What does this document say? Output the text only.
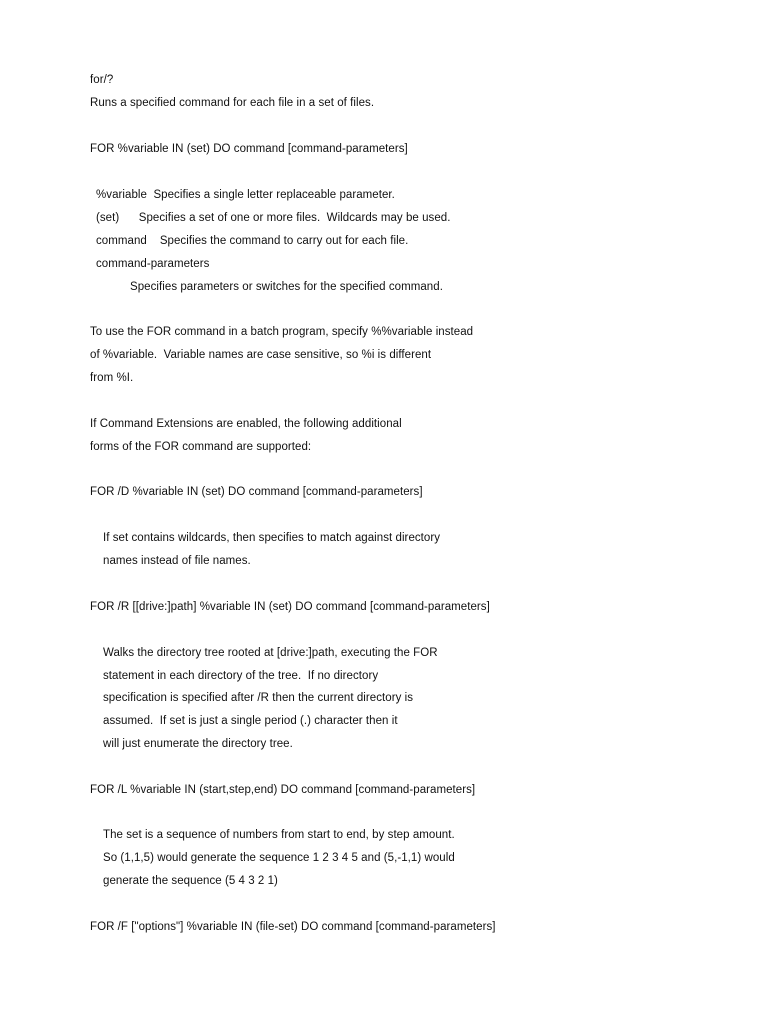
for/?
Runs a specified command for each file in a set of files.
FOR %variable IN (set) DO command [command-parameters]
%variable  Specifies a single letter replaceable parameter.
(set)      Specifies a set of one or more files.  Wildcards may be used.
command    Specifies the command to carry out for each file.
command-parameters
Specifies parameters or switches for the specified command.
To use the FOR command in a batch program, specify %%variable instead
of %variable.  Variable names are case sensitive, so %i is different
from %I.
If Command Extensions are enabled, the following additional
forms of the FOR command are supported:
FOR /D %variable IN (set) DO command [command-parameters]
If set contains wildcards, then specifies to match against directory
names instead of file names.
FOR /R [[drive:]path] %variable IN (set) DO command [command-parameters]
Walks the directory tree rooted at [drive:]path, executing the FOR
statement in each directory of the tree.  If no directory
specification is specified after /R then the current directory is
assumed.  If set is just a single period (.) character then it
will just enumerate the directory tree.
FOR /L %variable IN (start,step,end) DO command [command-parameters]
The set is a sequence of numbers from start to end, by step amount.
So (1,1,5) would generate the sequence 1 2 3 4 5 and (5,-1,1) would
generate the sequence (5 4 3 2 1)
FOR /F ["options"] %variable IN (file-set) DO command [command-parameters]
